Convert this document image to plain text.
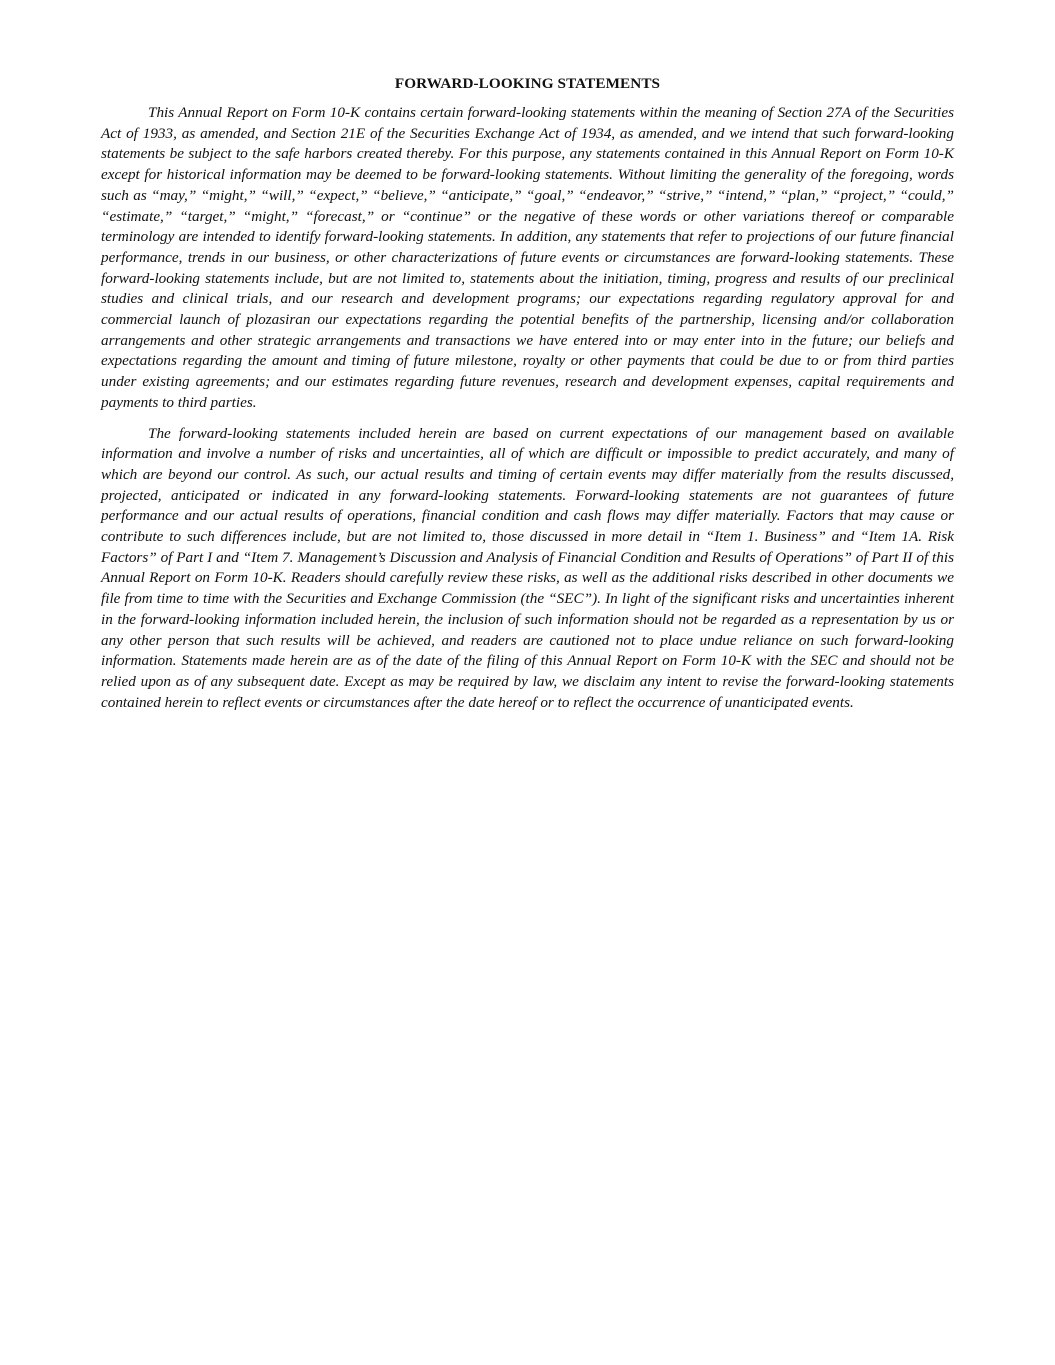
FORWARD-LOOKING STATEMENTS

This Annual Report on Form 10-K contains certain forward-looking statements within the meaning of Section 27A of the Securities Act of 1933, as amended, and Section 21E of the Securities Exchange Act of 1934, as amended, and we intend that such forward-looking statements be subject to the safe harbors created thereby. For this purpose, any statements contained in this Annual Report on Form 10-K except for historical information may be deemed to be forward-looking statements. Without limiting the generality of the foregoing, words such as “may,” “might,” “will,” “expect,” “believe,” “anticipate,” “goal,” “endeavor,” “strive,” “intend,” “plan,” “project,” “could,” “estimate,” “target,” “might,” “forecast,” or “continue” or the negative of these words or other variations thereof or comparable terminology are intended to identify forward-looking statements. In addition, any statements that refer to projections of our future financial performance, trends in our business, or other characterizations of future events or circumstances are forward-looking statements. These forward-looking statements include, but are not limited to, statements about the initiation, timing, progress and results of our preclinical studies and clinical trials, and our research and development programs; our expectations regarding regulatory approval for and commercial launch of plozasiran our expectations regarding the potential benefits of the partnership, licensing and/or collaboration arrangements and other strategic arrangements and transactions we have entered into or may enter into in the future; our beliefs and expectations regarding the amount and timing of future milestone, royalty or other payments that could be due to or from third parties under existing agreements; and our estimates regarding future revenues, research and development expenses, capital requirements and payments to third parties.

The forward-looking statements included herein are based on current expectations of our management based on available information and involve a number of risks and uncertainties, all of which are difficult or impossible to predict accurately, and many of which are beyond our control. As such, our actual results and timing of certain events may differ materially from the results discussed, projected, anticipated or indicated in any forward-looking statements. Forward-looking statements are not guarantees of future performance and our actual results of operations, financial condition and cash flows may differ materially. Factors that may cause or contribute to such differences include, but are not limited to, those discussed in more detail in “Item 1. Business” and “Item 1A. Risk Factors” of Part I and “Item 7. Management’s Discussion and Analysis of Financial Condition and Results of Operations” of Part II of this Annual Report on Form 10-K. Readers should carefully review these risks, as well as the additional risks described in other documents we file from time to time with the Securities and Exchange Commission (the “SEC”). In light of the significant risks and uncertainties inherent in the forward-looking information included herein, the inclusion of such information should not be regarded as a representation by us or any other person that such results will be achieved, and readers are cautioned not to place undue reliance on such forward-looking information. Statements made herein are as of the date of the filing of this Annual Report on Form 10-K with the SEC and should not be relied upon as of any subsequent date. Except as may be required by law, we disclaim any intent to revise the forward-looking statements contained herein to reflect events or circumstances after the date hereof or to reflect the occurrence of unanticipated events.
